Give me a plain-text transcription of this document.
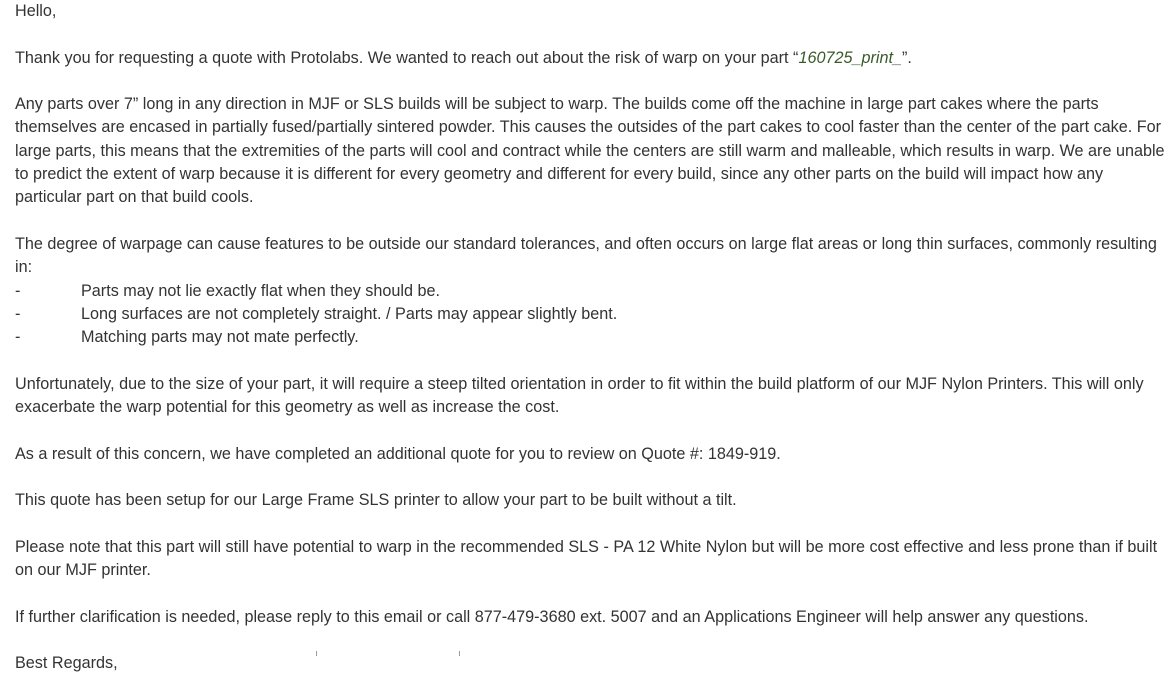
Hello,

Thank you for requesting a quote with Protolabs. We wanted to reach out about the risk of warp on your part “160725_print_”.

Any parts over 7” long in any direction in MJF or SLS builds will be subject to warp. The builds come off the machine in large part cakes where the parts themselves are encased in partially fused/partially sintered powder. This causes the outsides of the part cakes to cool faster than the center of the part cake. For large parts, this means that the extremities of the parts will cool and contract while the centers are still warm and malleable, which results in warp. We are unable to predict the extent of warp because it is different for every geometry and different for every build, since any other parts on the build will impact how any particular part on that build cools.

The degree of warpage can cause features to be outside our standard tolerances, and often occurs on large flat areas or long thin surfaces, commonly resulting in:

-	Parts may not lie exactly flat when they should be.
-	Long surfaces are not completely straight. / Parts may appear slightly bent.
-	Matching parts may not mate perfectly.

Unfortunately, due to the size of your part, it will require a steep tilted orientation in order to fit within the build platform of our MJF Nylon Printers. This will only exacerbate the warp potential for this geometry as well as increase the cost.

As a result of this concern, we have completed an additional quote for you to review on Quote #: 1849-919.

This quote has been setup for our Large Frame SLS printer to allow your part to be built without a tilt.

Please note that this part will still have potential to warp in the recommended SLS - PA 12 White Nylon but will be more cost effective and less prone than if built on our MJF printer.

If further clarification is needed, please reply to this email or call 877-479-3680 ext. 5007 and an Applications Engineer will help answer any questions.

Best Regards,
